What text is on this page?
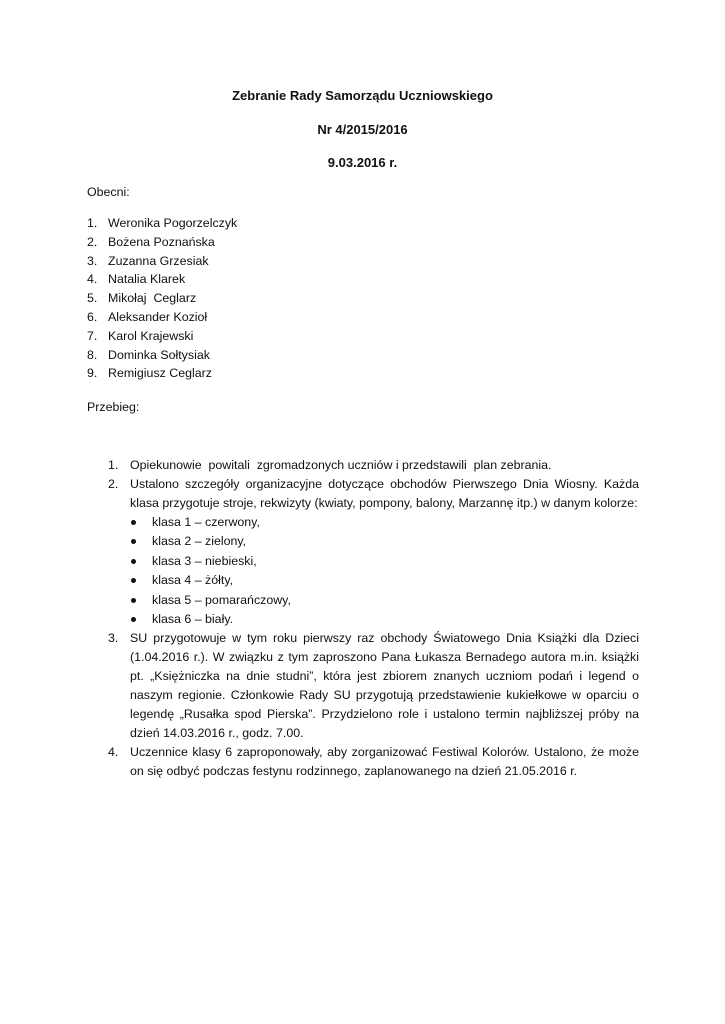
Zebranie Rady Samorządu Uczniowskiego
Nr 4/2015/2016
9.03.2016 r.
Obecni:
1. Weronika Pogorzelczyk
2. Bożena Poznańska
3. Zuzanna Grzesiak
4. Natalia Klarek
5. Mikołaj  Ceglarz
6. Aleksander Kozioł
7. Karol Krajewski
8. Dominka Sołtysiak
9. Remigiusz Ceglarz
Przebieg:
1. Opiekunowie  powitali  zgromadzonych uczniów i przedstawili  plan zebrania.
2. Ustalono szczegóły organizacyjne dotyczące obchodów Pierwszego Dnia Wiosny. Każda klasa przygotuje stroje, rekwizyty (kwiaty, pompony, balony, Marzannę itp.) w danym kolorze:
klasa 1 – czerwony,
klasa 2 – zielony,
klasa 3 – niebieski,
klasa 4 – żółty,
klasa 5 – pomarańczowy,
klasa 6 – biały.
3. SU przygotowuje w tym roku pierwszy raz obchody Światowego Dnia Książki dla Dzieci (1.04.2016 r.). W związku z tym zaproszono Pana Łukasza Bernadego autora m.in. książki pt. „Księżniczka na dnie studni”, która jest zbiorem znanych uczniom podań i legend o naszym regionie. Członkowie Rady SU przygotują przedstawienie kukiełkowe w oparciu o legendę „Rusałka spod Pierska”. Przydzielono role i ustalono termin najbliższej próby na dzień 14.03.2016 r., godz. 7.00.
4. Uczennice klasy 6 zaproponowały, aby zorganizować Festiwal Kolorów. Ustalono, że może on się odbyć podczas festynu rodzinnego, zaplanowanego na dzień 21.05.2016 r.
